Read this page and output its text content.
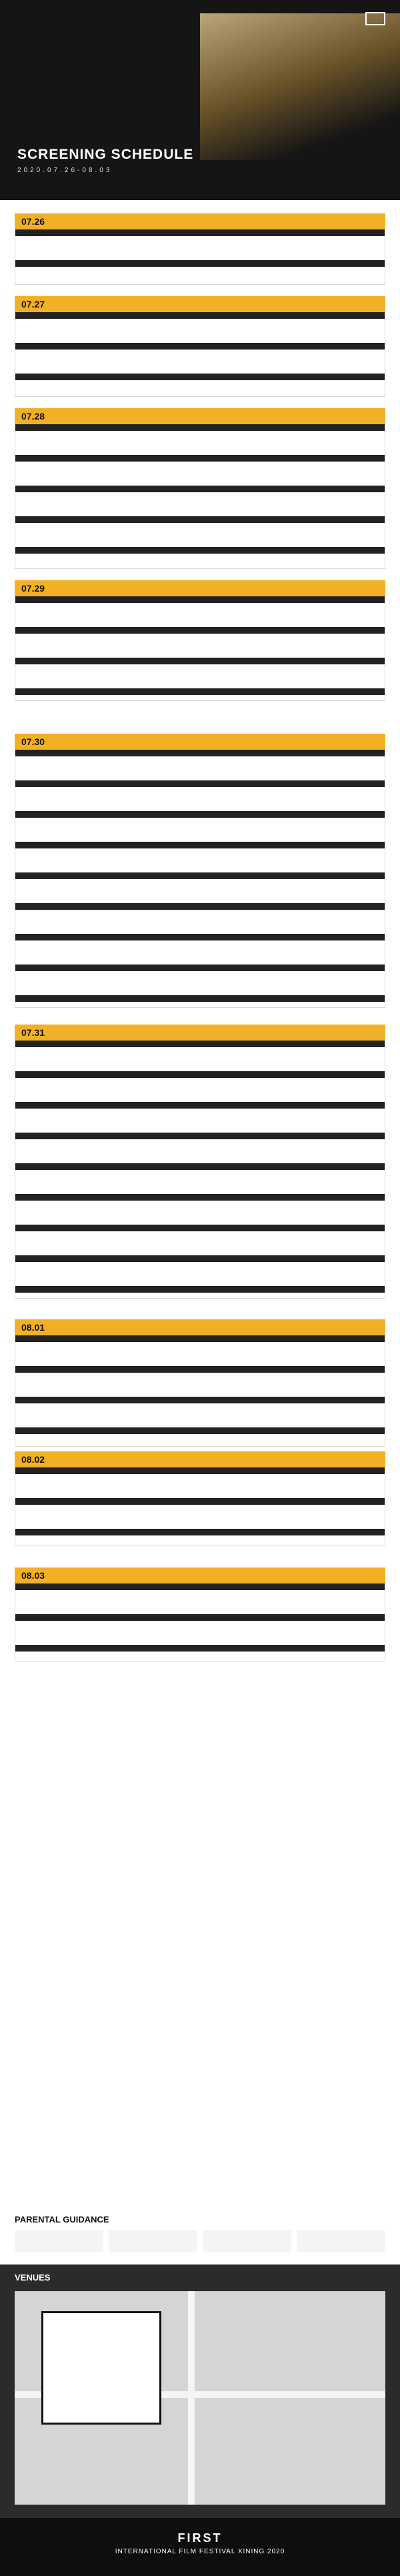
SCREENING SCHEDULE
2020.07.26-08.03
07.26
07.27
07.28
07.29
07.30
07.31
08.01
08.02
08.03
PARENTAL GUIDANCE
VENUES
FIRST
INTERNATIONAL FILM FESTIVAL XINING 2020
